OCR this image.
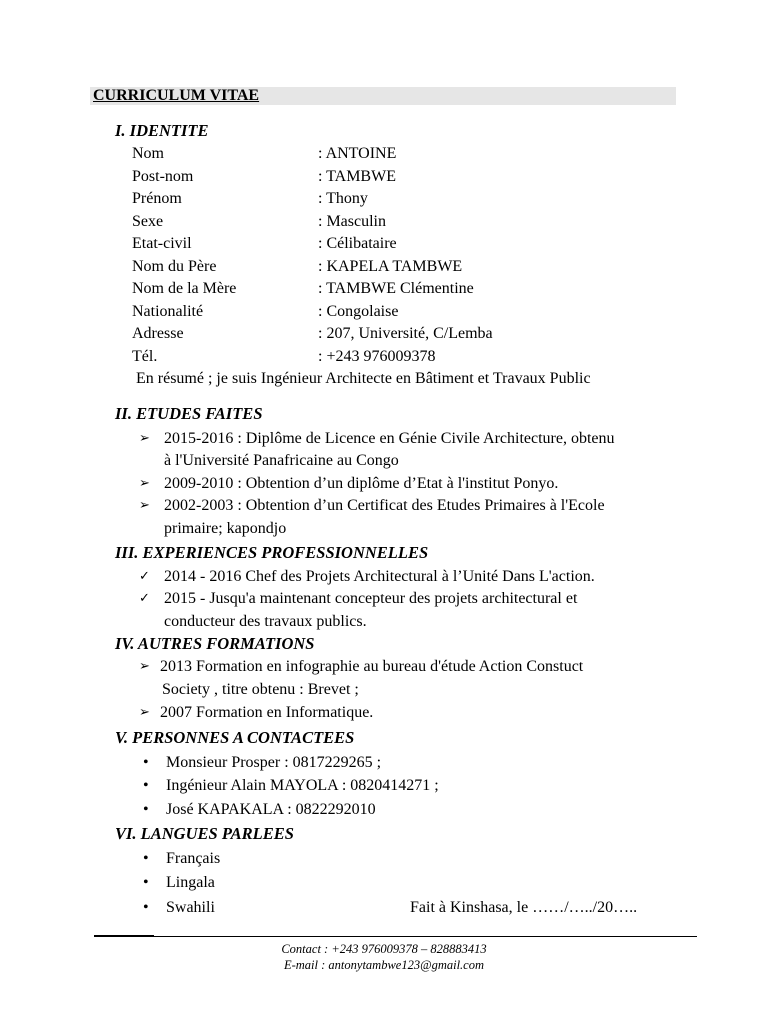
CURRICULUM VITAE
I. IDENTITE
Nom	: ANTOINE
Post-nom	: TAMBWE
Prénom	: Thony
Sexe	: Masculin
Etat-civil	: Célibataire
Nom du Père	: KAPELA TAMBWE
Nom de la Mère	: TAMBWE Clémentine
Nationalité	: Congolaise
Adresse	: 207, Université, C/Lemba
Tél.	: +243 976009378
En résumé ; je suis Ingénieur Architecte en Bâtiment et Travaux Public
II. ETUDES FAITES
➢ 2015-2016 : Diplôme de Licence en Génie Civile Architecture, obtenu
à l'Université Panafricaine au Congo
➢ 2009-2010 : Obtention d’un diplôme d’Etat à l'institut Ponyo.
➢ 2002-2003 : Obtention d’un Certificat des Etudes Primaires à l'Ecole
primaire; kapondjo
III. EXPERIENCES PROFESSIONNELLES
✓ 2014 - 2016 Chef des Projets Architectural à l’Unité Dans L'action.
✓ 2015 - Jusqu'a maintenant concepteur des projets architectural et
conducteur des travaux publics.
IV. AUTRES FORMATIONS
➢ 2013 Formation en infographie au bureau d'étude Action Constuct
Society , titre obtenu : Brevet ;
➢ 2007 Formation en Informatique.
V. PERSONNES A CONTACTEES
• Monsieur Prosper : 0817229265 ;
• Ingénieur Alain MAYOLA : 0820414271 ;
• José KAPAKALA : 0822292010
VI. LANGUES PARLEES
• Français
• Lingala
• Swahili	Fait à Kinshasa, le ……/…../20…..
Contact : +243 976009378 – 828883413
E-mail : antonytambwe123@gmail.com
